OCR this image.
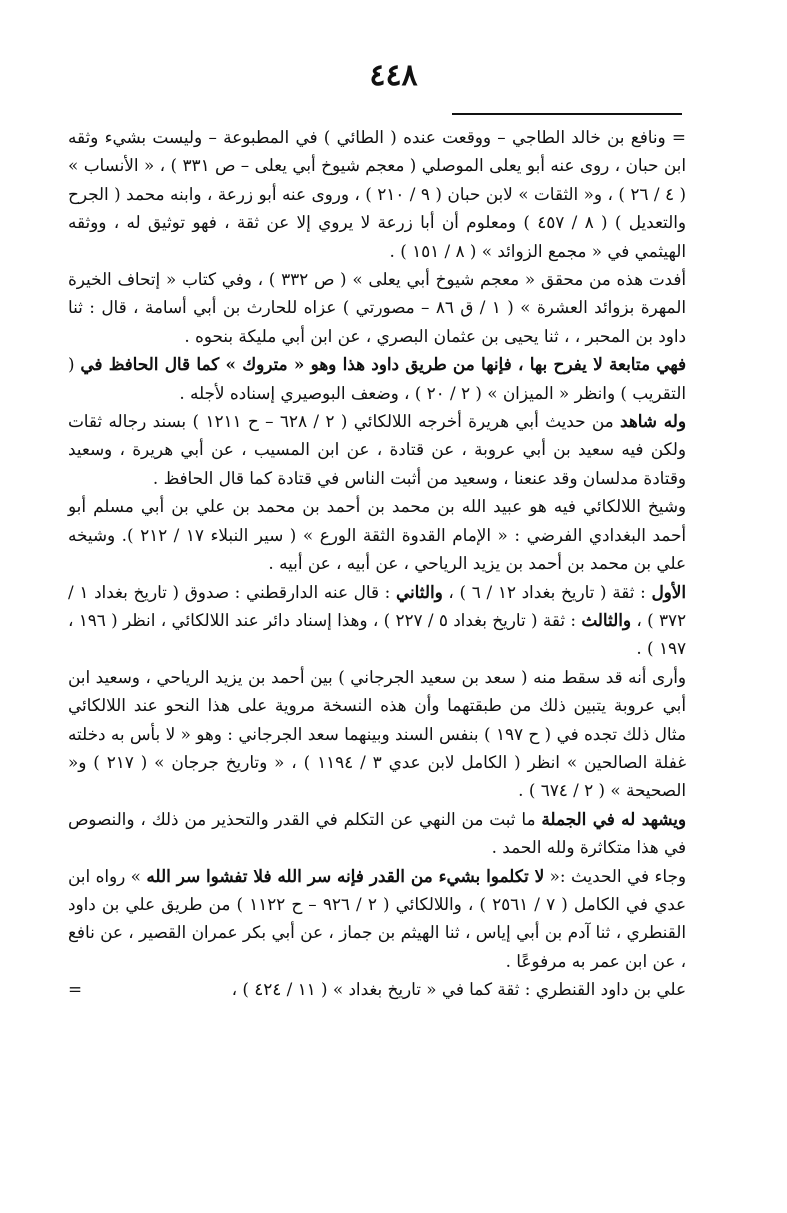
٤٤٨

= ونافع بن خالد الطاجي – ووقعت عنده ( الطائي ) في المطبوعة – وليست بشيء وثقه ابن حبان ، روى عنه أبو يعلى الموصلي ( معجم شيوخ أبي يعلى – ص ٣٣١ ) ، « الأنساب » ( ٤ / ٢٦ ) ، و« الثقات » لابن حبان ( ٩ / ٢١٠ ) ، وروى عنه أبو زرعة ، وابنه محمد ( الجرح والتعديل ) ( ٨ / ٤٥٧ ) ومعلوم أن أبا زرعة لا يروي إلا عن ثقة ، فهو توثيق له ، ووثقه الهيثمي في « مجمع الزوائد » ( ٨ / ١٥١ ) .

أفدت هذه من محقق « معجم شيوخ أبي يعلى » ( ص ٣٣٢ ) ، وفي كتاب « إتحاف الخيرة المهرة بزوائد العشرة » ( ١ / ق ٨٦ – مصورتي ) عزاه للحارث بن أبي أسامة ، قال : ثنا داود بن المحبر ، ، ثنا يحيى بن عثمان البصري ، عن ابن أبي مليكة بنحوه .

فهي متابعة لا يفرح بها ، فإنها من طريق داود هذا وهو « متروك » كما قال الحافظ في ( التقريب ) وانظر « الميزان » ( ٢ / ٢٠ ) ، وضعف البوصيري إسناده لأجله .

وله شاهد من حديث أبي هريرة أخرجه اللالكائي ( ٢ / ٦٢٨ – ح ١٢١١ ) بسند رجاله ثقات ولكن فيه سعيد بن أبي عروبة ، عن قتادة ، عن ابن المسيب ، عن أبي هريرة ، وسعيد وقتادة مدلسان وقد عنعنا ، وسعيد من أثبت الناس في قتادة كما قال الحافظ .

وشيخ اللالكائي فيه هو عبيد الله بن محمد بن أحمد بن محمد بن علي بن أبي مسلم أبو أحمد البغدادي الفرضي : « الإمام القدوة الثقة الورع » ( سير النبلاء ١٧ / ٢١٢ ). وشيخه علي بن محمد بن أحمد بن يزيد الرياحي ، عن أبيه ، عن أبيه .

الأول : ثقة ( تاريخ بغداد ١٢ / ٦ ) ، والثاني : قال عنه الدارقطني : صدوق ( تاريخ بغداد ١ / ٣٧٢ ) ، والثالث : ثقة ( تاريخ بغداد ٥ / ٢٢٧ ) ، وهذا إسناد دائر عند اللالكائي ، انظر ( ١٩٦ ، ١٩٧ ) .

وأرى أنه قد سقط منه ( سعد بن سعيد الجرجاني ) بين أحمد بن يزيد الرياحي ، وسعيد ابن أبي عروبة يتبين ذلك من طبقتهما وأن هذه النسخة مروية على هذا النحو عند اللالكائي مثال ذلك تجده في ( ح ١٩٧ ) بنفس السند وبينهما سعد الجرجاني : وهو « لا بأس به دخلته غفلة الصالحين » انظر ( الكامل لابن عدي ٣ / ١١٩٤ ) ، « وتاريخ جرجان » ( ٢١٧ ) و« الصحيحة » ( ٢ / ٦٧٤ ) .

ويشهد له في الجملة ما ثبت من النهي عن التكلم في القدر والتحذير من ذلك ، والنصوص في هذا متكاثرة ولله الحمد .

وجاء في الحديث :« لا تكلموا بشيء من القدر فإنه سر الله فلا تفشوا سر الله » رواه ابن عدي في الكامل ( ٧ / ٢٥٦١ ) ، واللالكائي ( ٢ / ٩٢٦ – ح ١١٢٢ ) من طريق علي بن داود القنطري ، ثنا آدم بن أبي إياس ، ثنا الهيثم بن جماز ، عن أبي بكر عمران القصير ، عن نافع ، عن ابن عمر به مرفوعًا .

علي بن داود القنطري : ثقة كما في « تاريخ بغداد » ( ١١ / ٤٢٤ ) ،
=
